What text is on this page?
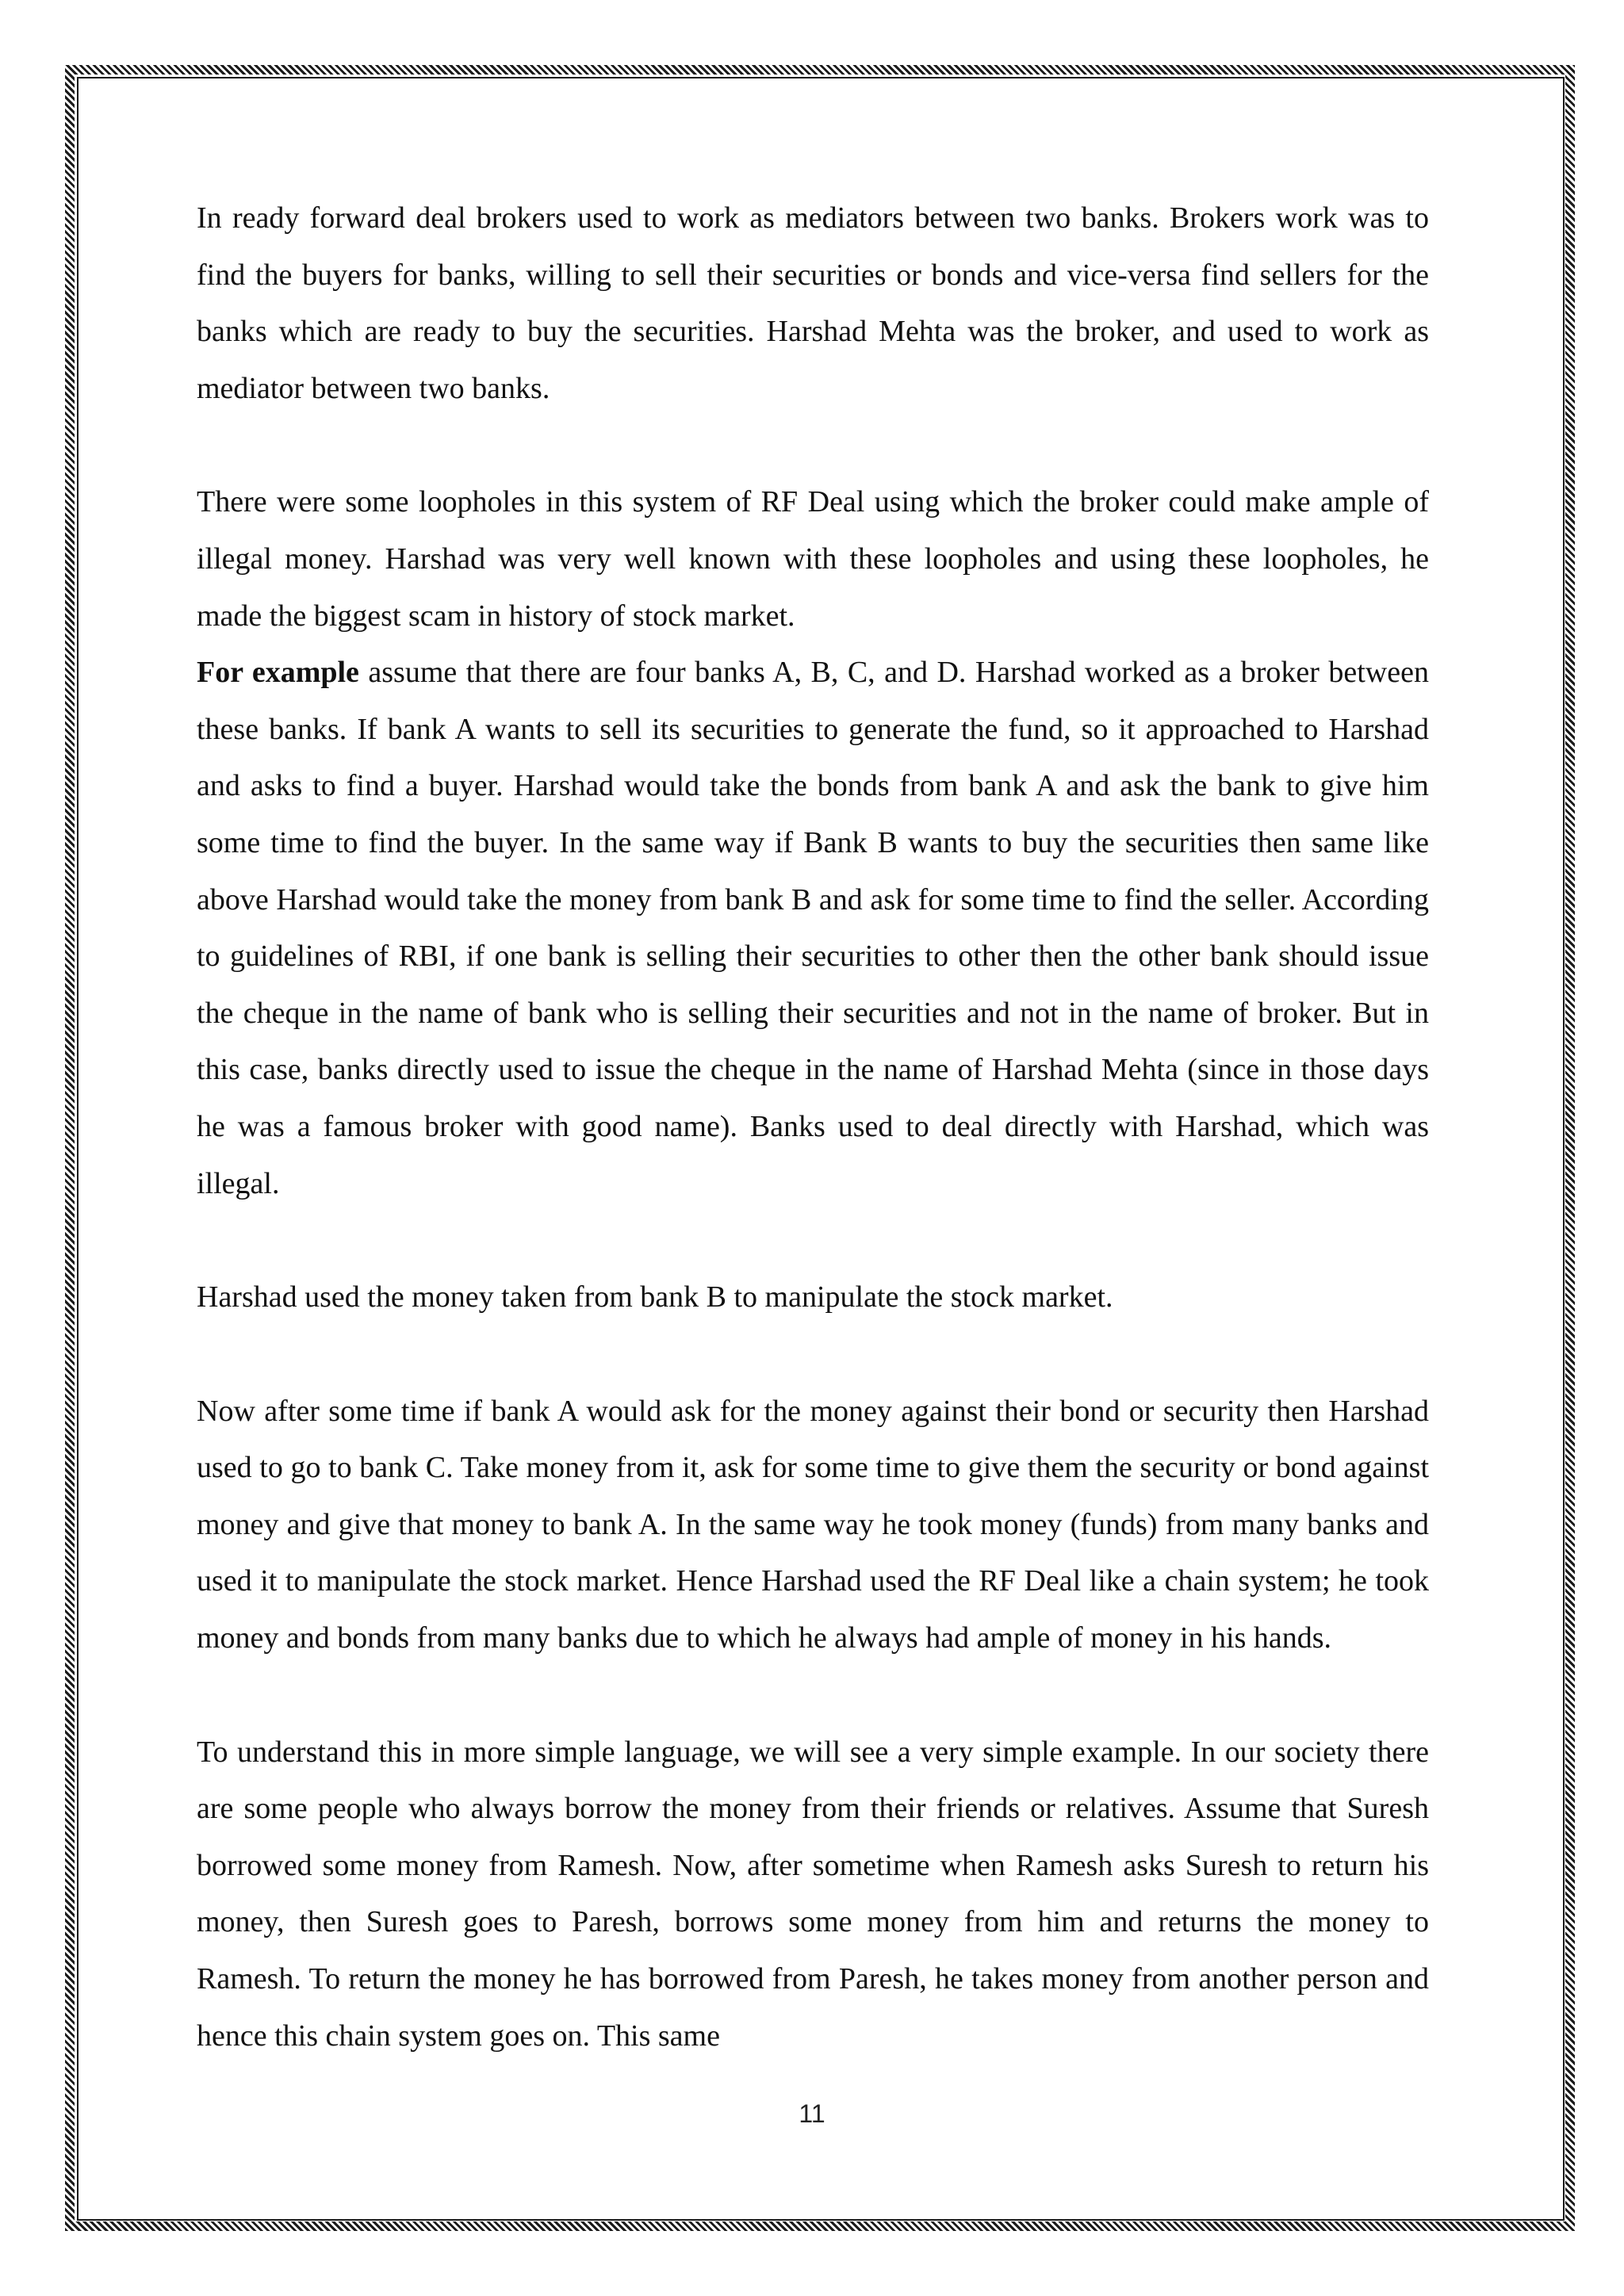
In ready forward deal brokers used to work as mediators between two banks. Brokers work was to find the buyers for banks, willing to sell their securities or bonds and vice-versa find sellers for the banks which are ready to buy the securities. Harshad Mehta was the broker, and used to work as mediator between two banks.

There were some loopholes in this system of RF Deal using which the broker could make ample of illegal money. Harshad was very well known with these loopholes and using these loopholes, he made the biggest scam in history of stock market.

For example assume that there are four banks A, B, C, and D. Harshad worked as a broker between these banks. If bank A wants to sell its securities to generate the fund, so it approached to Harshad and asks to find a buyer. Harshad would take the bonds from bank A and ask the bank to give him some time to find the buyer. In the same way if Bank B wants to buy the securities then same like above Harshad would take the money from bank B and ask for some time to find the seller. According to guidelines of RBI, if one bank is selling their securities to other then the other bank should issue the cheque in the name of bank who is selling their securities and not in the name of broker. But in this case, banks directly used to issue the cheque in the name of Harshad Mehta (since in those days he was a famous broker with good name). Banks used to deal directly with Harshad, which was illegal.

Harshad used the money taken from bank B to manipulate the stock market.

Now after some time if bank A would ask for the money against their bond or security then Harshad used to go to bank C. Take money from it, ask for some time to give them the security or bond against money and give that money to bank A. In the same way he took money (funds) from many banks and used it to manipulate the stock market. Hence Harshad used the RF Deal like a chain system; he took money and bonds from many banks due to which he always had ample of money in his hands.

To understand this in more simple language, we will see a very simple example. In our society there are some people who always borrow the money from their friends or relatives. Assume that Suresh borrowed some money from Ramesh. Now, after sometime when Ramesh asks Suresh to return his money, then Suresh goes to Paresh, borrows some money from him and returns the money to Ramesh. To return the money he has borrowed from Paresh, he takes money from another person and hence this chain system goes on. This same

11
